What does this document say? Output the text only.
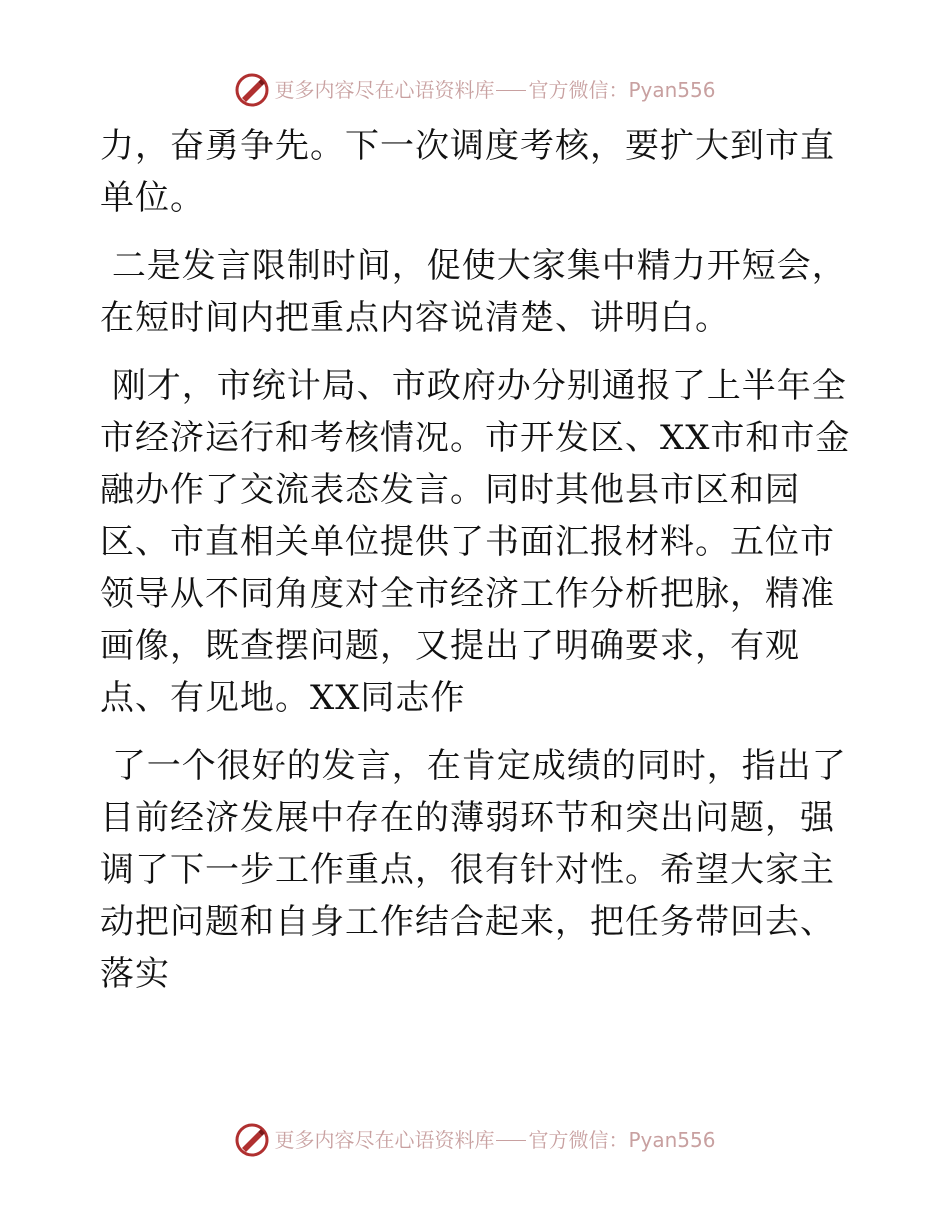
更多内容尽在心语资料库 官方微信：Pyan556

力，奋勇争先。下一次调度考核，要扩大到市直单位。

二是发言限制时间，促使大家集中精力开短会，在短时间内把重点内容说清楚、讲明白。

刚才，市统计局、市政府办分别通报了上半年全市经济运行和考核情况。市开发区、XX市和市金融办作了交流表态发言。同时其他县市区和园区、市直相关单位提供了书面汇报材料。五位市领导从不同角度对全市经济工作分析把脉，精准画像，既查摆问题，又提出了明确要求，有观点、有见地。XX同志作

了一个很好的发言，在肯定成绩的同时，指出了目前经济发展中存在的薄弱环节和突出问题，强调了下一步工作重点，很有针对性。希望大家主动把问题和自身工作结合起来，把任务带回去、落实

更多内容尽在心语资料库 官方微信：Pyan556
